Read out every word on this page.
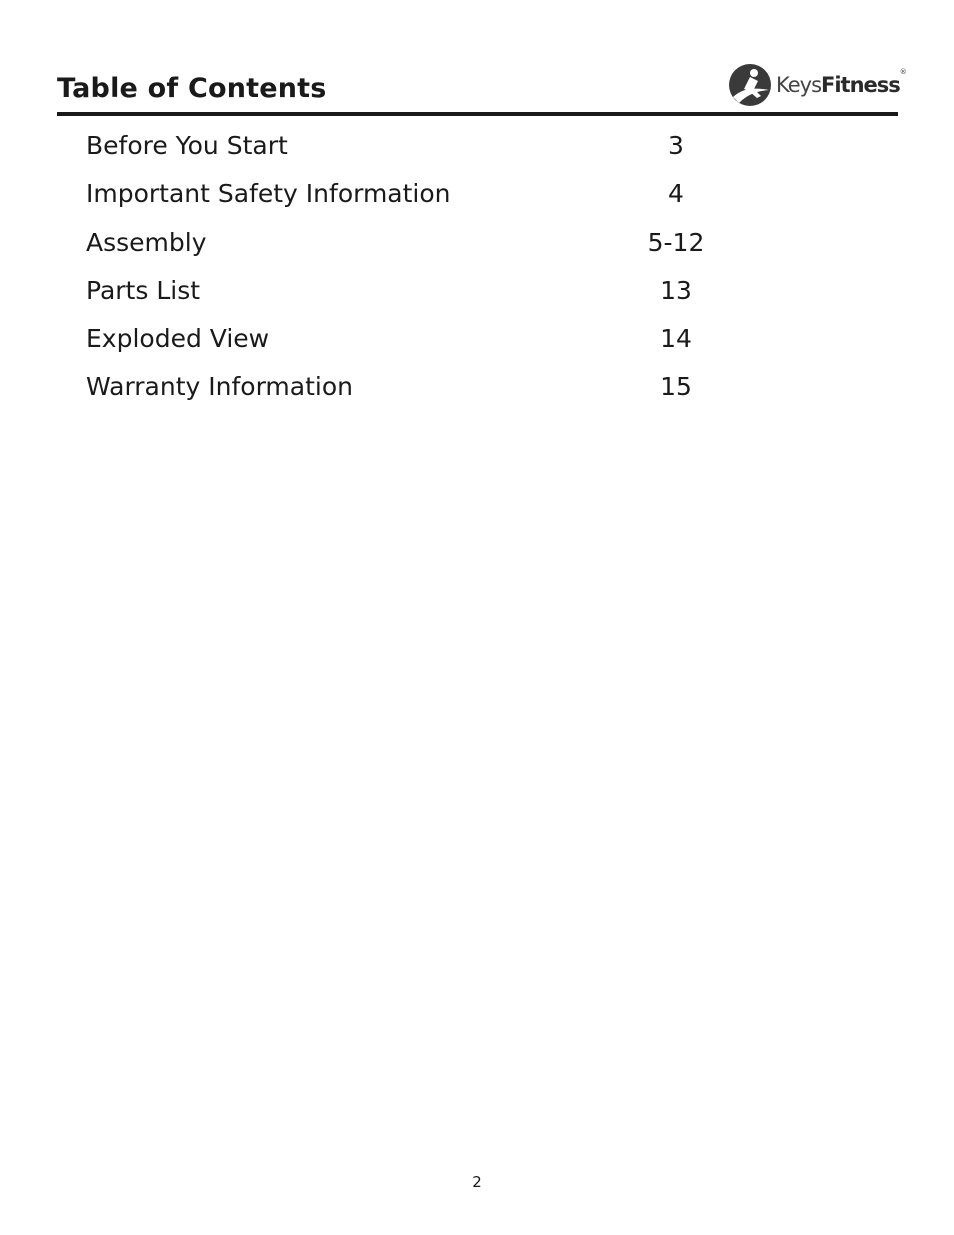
Table of Contents	KeysFitness®
Before You Start	3
Important Safety Information	4
Assembly	5-12
Parts List	13
Exploded View	14
Warranty Information	15
2
